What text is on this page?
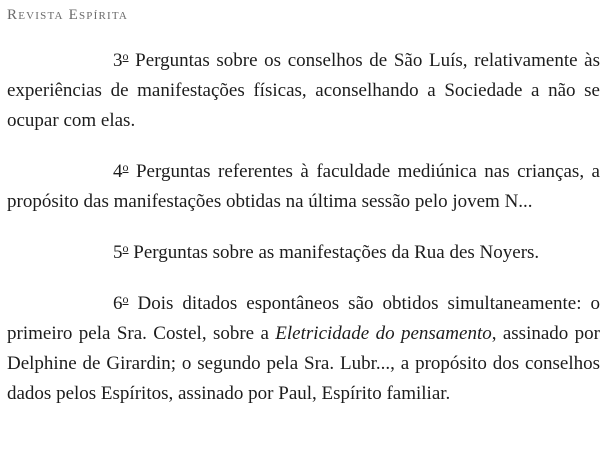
Revista Espírita

3$^o$ Perguntas sobre os conselhos de São Luís, relativamente às experiências de manifestações físicas, aconselhando a Sociedade a não se ocupar com elas.

4$^o$ Perguntas referentes à faculdade mediúnica nas crianças, a propósito das manifestações obtidas na última sessão pelo jovem N...

5$^o$ Perguntas sobre as manifestações da Rua des Noyers.

6$^o$ Dois ditados espontâneos são obtidos simultaneamente: o primeiro pela Sra. Costel, sobre a Eletricidade do pensamento, assinado por Delphine de Girardin; o segundo pela Sra. Lubr..., a propósito dos conselhos dados pelos Espíritos, assinado por Paul, Espírito familiar.
